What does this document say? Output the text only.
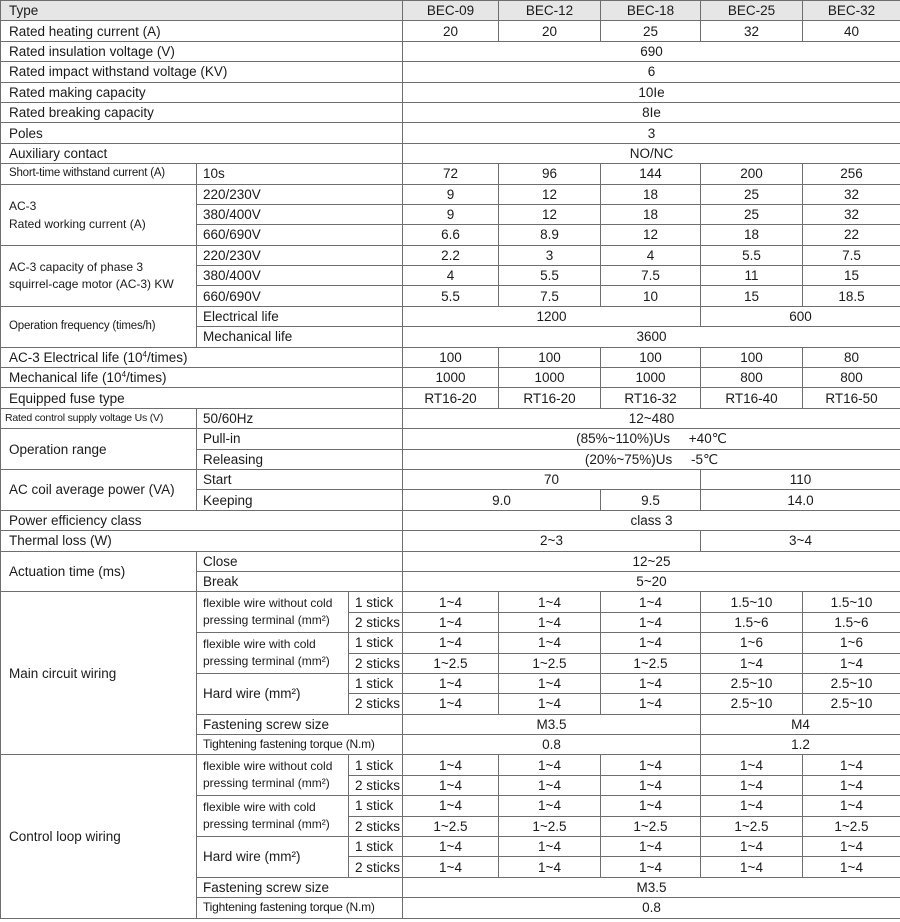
Type			BEC-09	BEC-12	BEC-18	BEC-25	BEC-32
Rated heating current (A)			20	20	25	32	40
Rated insulation voltage (V)			690				
Rated impact withstand voltage (KV)			6				
Rated making capacity			10Ie				
Rated breaking capacity			8Ie				
Poles			3				
Auxiliary contact			NO/NC				
Short-time withstand current (A)	10s		72	96	144	200	256
AC-3
Rated working current (A)	220/230V		9	12	18	25	32
	380/400V		9	12	18	25	32
	660/690V		6.6	8.9	12	18	22
AC-3 capacity of phase 3
squirrel-cage motor (AC-3) KW	220/230V		2.2	3	4	5.5	7.5
	380/400V		4	5.5	7.5	11	15
	660/690V		5.5	7.5	10	15	18.5
Operation frequency (times/h)	Electrical life		1200			600	
	Mechanical life		3600				
AC-3 Electrical life $(10^4/times)$			100	100	100	100	80
Mechanical life $(10^4/times)$			1000	1000	1000	800	800
Equipped fuse type			RT16-20	RT16-20	RT16-32	RT16-40	RT16-50
Rated control supply voltage Us (V)	50/60Hz		12~480				
Operation range	Pull-in		(85%~110%)Us     +40℃				
	Releasing		(20%~75%)Us     -5℃				
AC coil average power (VA)	Start		70			110	
	Keeping		9.0		9.5	14.0	
Power efficiency class			class 3				
Thermal loss (W)			2~3			3~4	
Actuation time (ms)	Close		12~25				
	Break		5~20				
Main circuit wiring	flexible wire without cold
pressing terminal (mm²)	1 stick	1~4	1~4	1~4	1.5~10	1.5~10
		2 sticks	1~4	1~4	1~4	1.5~6	1.5~6
	flexible wire with cold
pressing terminal (mm²)	1 stick	1~4	1~4	1~4	1~6	1~6
		2 sticks	1~2.5	1~2.5	1~2.5	1~4	1~4
	Hard wire (mm²)	1 stick	1~4	1~4	1~4	2.5~10	2.5~10
		2 sticks	1~4	1~4	1~4	2.5~10	2.5~10
	Fastening screw size		M3.5			M4	
	Tightening fastening torque (N.m)		0.8			1.2	
Control loop wiring	flexible wire without cold
pressing terminal (mm²)	1 stick	1~4	1~4	1~4	1~4	1~4
		2 sticks	1~4	1~4	1~4	1~4	1~4
	flexible wire with cold
pressing terminal (mm²)	1 stick	1~4	1~4	1~4	1~4	1~4
		2 sticks	1~2.5	1~2.5	1~2.5	1~2.5	1~2.5
	Hard wire (mm²)	1 stick	1~4	1~4	1~4	1~4	1~4
		2 sticks	1~4	1~4	1~4	1~4	1~4
	Fastening screw size		M3.5				
	Tightening fastening torque (N.m)		0.8				
